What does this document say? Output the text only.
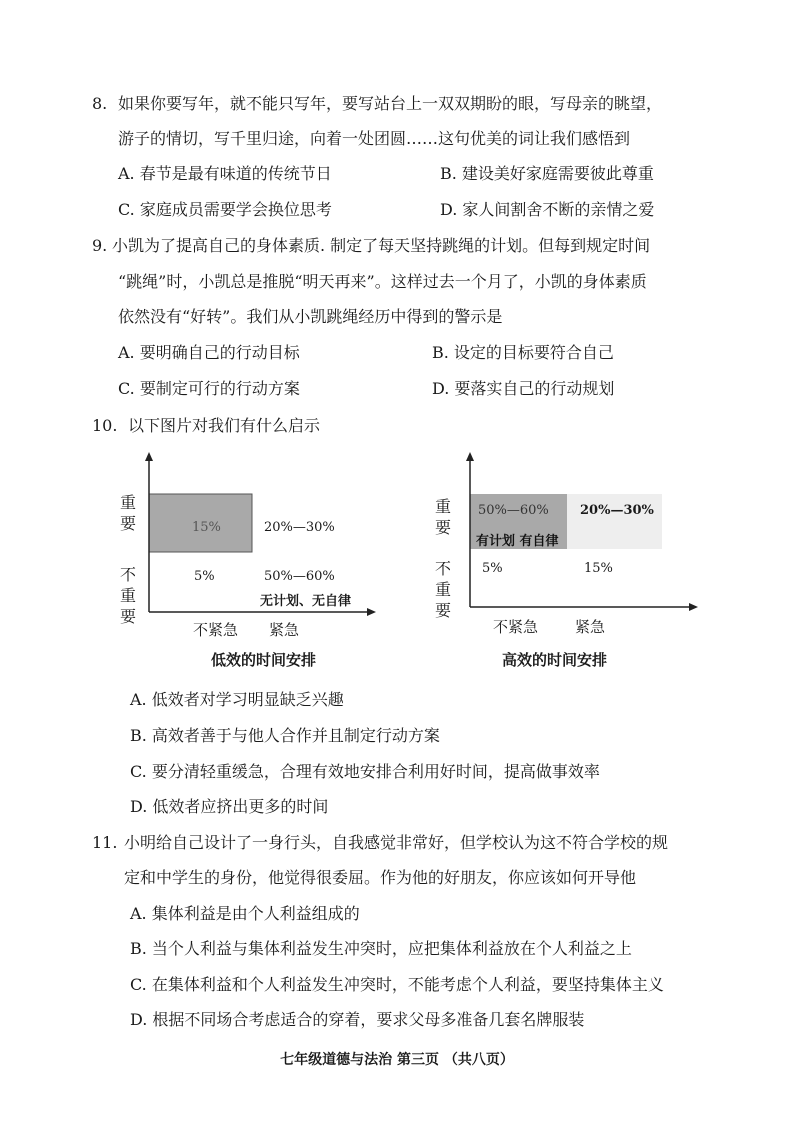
8. 如果你要写年，就不能只写年，要写站台上一双双期盼的眼，写母亲的眺望，
游子的情切，写千里归途，向着一处团圆……这句优美的词让我们感悟到
A. 春节是最有味道的传统节日	B. 建设美好家庭需要彼此尊重
C. 家庭成员需要学会换位思考	D. 家人间割舍不断的亲情之爱
9. 小凯为了提高自己的身体素质. 制定了每天坚持跳绳的计划。但每到规定时间
“跳绳”时，小凯总是推脱“明天再来”。这样过去一个月了，小凯的身体素质
依然没有“好转”。我们从小凯跳绳经历中得到的警示是
A. 要明确自己的行动目标	B. 设定的目标要符合自己
C. 要制定可行的行动方案	D. 要落实自己的行动规划
10. 以下图片对我们有什么启示
重
要
不
重
要
15%	20%—30%
5%	50%—60%
无计划、无自律
不紧急 紧急
低效的时间安排
重
要
不
重
要
50%—60% 20%—30%
有计划 有自律
5%	15%
不紧急 紧急
高效的时间安排
A. 低效者对学习明显缺乏兴趣
B. 高效者善于与他人合作并且制定行动方案
C. 要分清轻重缓急，合理有效地安排合利用好时间，提高做事效率
D. 低效者应挤出更多的时间
11. 小明给自己设计了一身行头，自我感觉非常好，但学校认为这不符合学校的规
定和中学生的身份，他觉得很委屈。作为他的好朋友，你应该如何开导他
A. 集体利益是由个人利益组成的
B. 当个人利益与集体利益发生冲突时，应把集体利益放在个人利益之上
C. 在集体利益和个人利益发生冲突时，不能考虑个人利益，要坚持集体主义
D. 根据不同场合考虑适合的穿着，要求父母多准备几套名牌服装
七年级道德与法治 第三页 （共八页）
